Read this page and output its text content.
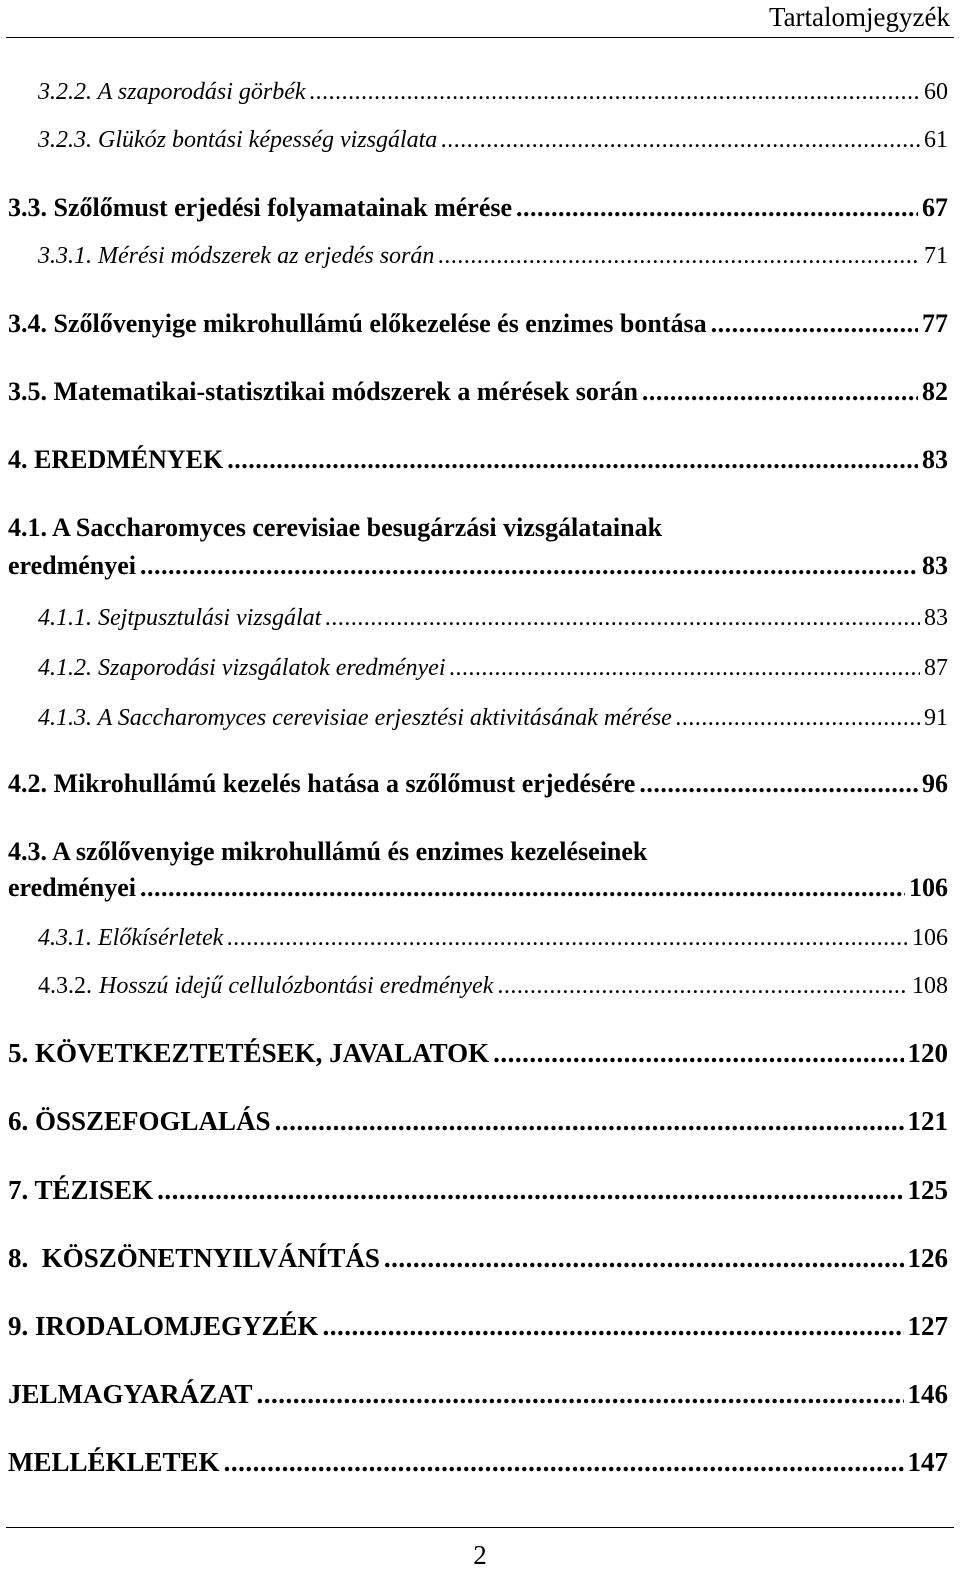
Tartalomjegyzék
3.2.2. A szaporodási görbék .....	60
3.2.3. Glükóz bontási képesség vizsgálata .....	61
3.3. Szőlőmust erjedési folyamatainak mérése .....	67
3.3.1. Mérési módszerek az erjedés során .....	71
3.4. Szőlővenyige mikrohullámú előkezelése és enzimes bontása .....	77
3.5. Matematikai-statisztikai módszerek a mérések során .....	82
4. EREDMÉNYEK .....	83
4.1. A Saccharomyces cerevisiae besugárzási vizsgálatainak
eredményei .....	83
4.1.1. Sejtpusztulási vizsgálat .....	83
4.1.2. Szaporodási vizsgálatok eredményei .....	87
4.1.3. A Saccharomyces cerevisiae erjesztési aktivitásának mérése .....	91
4.2. Mikrohullámú kezelés hatása a szőlőmust erjedésére .....	96
4.3. A szőlővenyige mikrohullámú és enzimes kezeléseinek
eredményei .....	106
4.3.1. Előkísérletek .....	106
4.3.2. Hosszú idejű cellulózbontási eredmények .....	108
5. KÖVETKEZTETÉSEK, JAVALATOK .....	120
6. ÖSSZEFOGLALÁS .....	121
7. TÉZISEK .....	125
8.  KÖSZÖNETNYILVÁNÍTÁS .....	126
9. IRODALOMJEGYZÉK .....	127
JELMAGYARÁZAT .....	146
MELLÉKLETEK .....	147
2
